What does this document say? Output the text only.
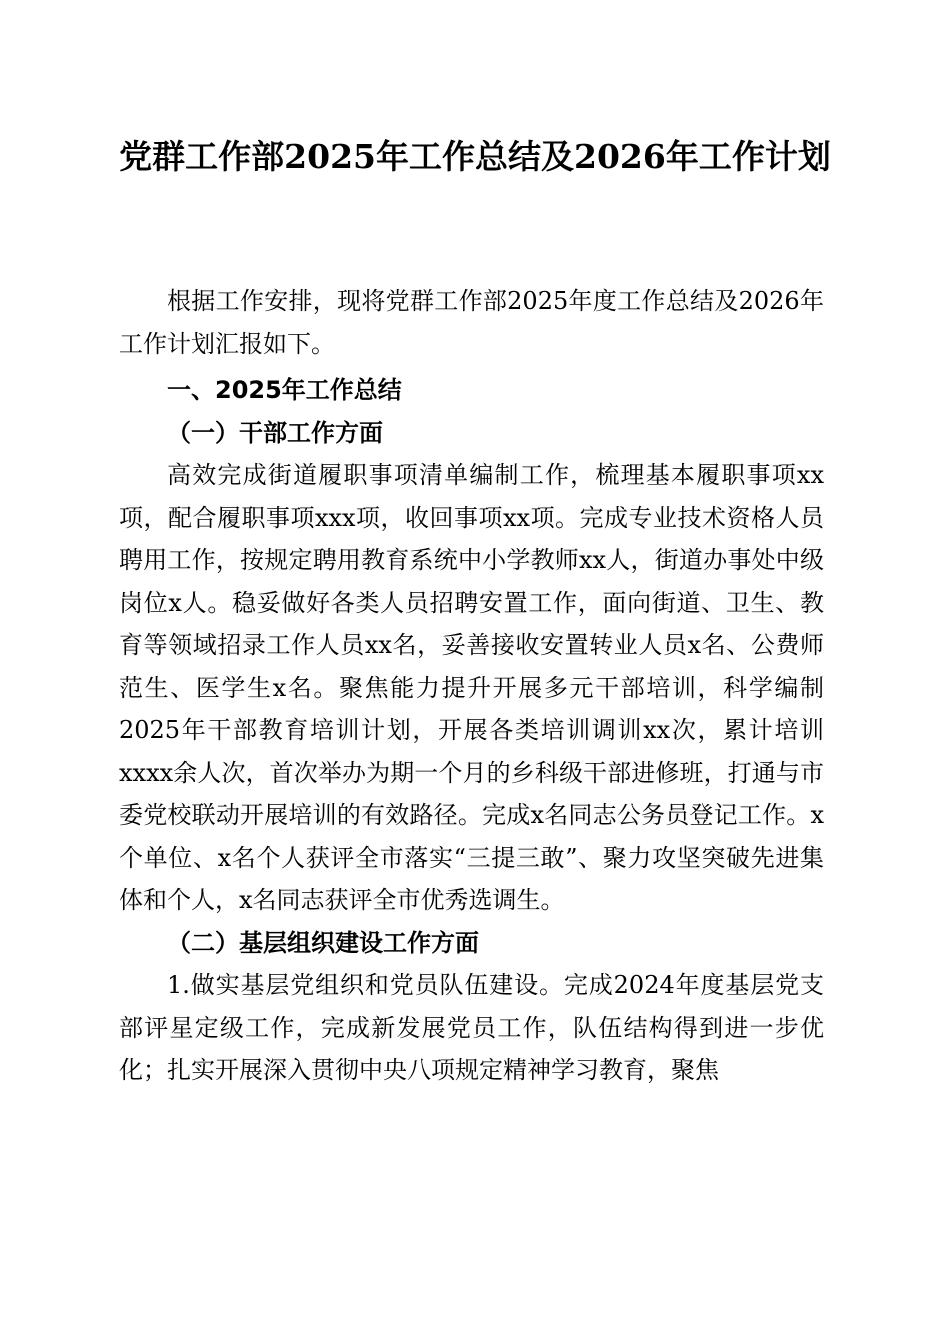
党群工作部2025年工作总结及2026年工作计划

根据工作安排，现将党群工作部2025年度工作总结及2026年工作计划汇报如下。

一、2025年工作总结

（一）干部工作方面

高效完成街道履职事项清单编制工作，梳理基本履职事项xx项，配合履职事项xxx项，收回事项xx项。完成专业技术资格人员聘用工作，按规定聘用教育系统中小学教师xx人，街道办事处中级岗位x人。稳妥做好各类人员招聘安置工作，面向街道、卫生、教育等领域招录工作人员xx名，妥善接收安置转业人员x名、公费师范生、医学生x名。聚焦能力提升开展多元干部培训，科学编制2025年干部教育培训计划，开展各类培训调训xx次，累计培训xxxx余人次，首次举办为期一个月的乡科级干部进修班，打通与市委党校联动开展培训的有效路径。完成x名同志公务员登记工作。x个单位、x名个人获评全市落实“三提三敢”、聚力攻坚突破先进集体和个人，x名同志获评全市优秀选调生。

（二）基层组织建设工作方面

1.做实基层党组织和党员队伍建设。完成2024年度基层党支部评星定级工作，完成新发展党员工作，队伍结构得到进一步优化；扎实开展深入贯彻中央八项规定精神学习教育，聚焦
